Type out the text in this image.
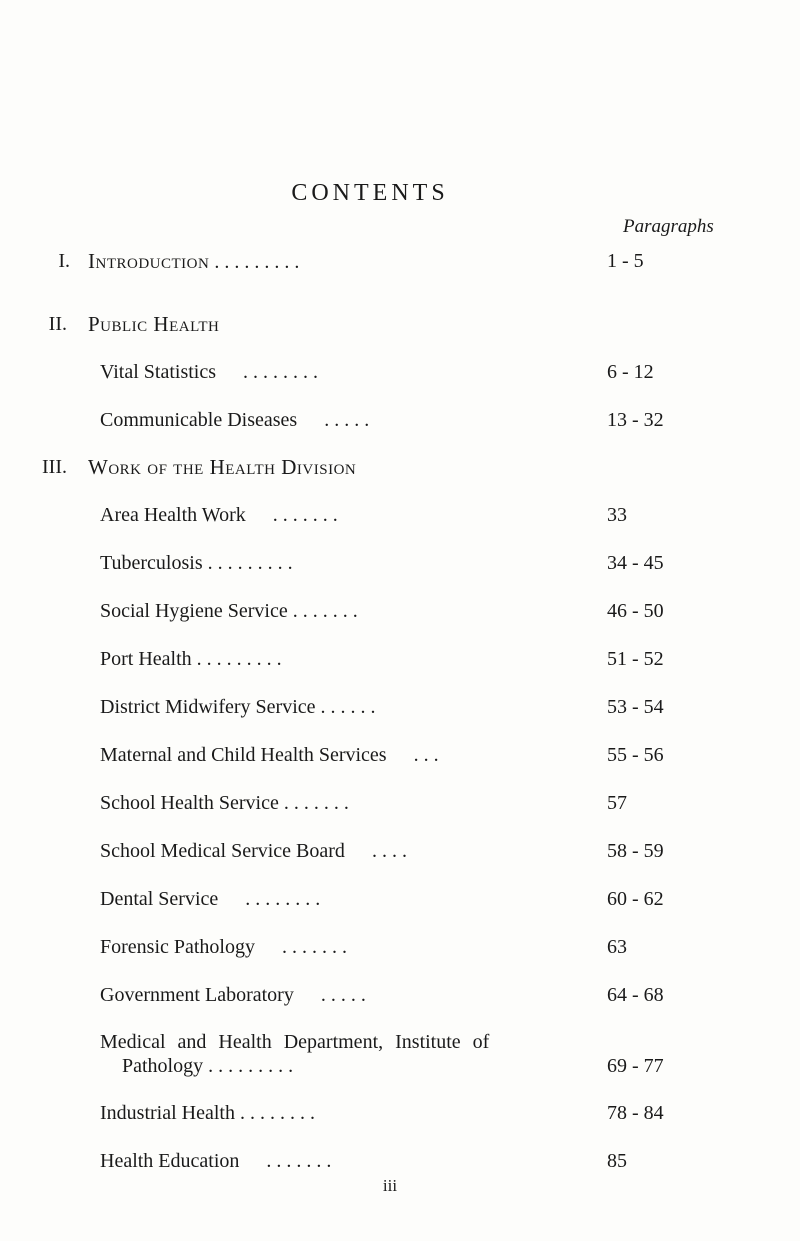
CONTENTS
Paragraphs
I. Introduction . . . . . . . . .	1 - 5
II. Public Health
Vital Statistics . . . . . . . .	6 - 12
Communicable Diseases . . . . .	13 - 32
III. Work of the Health Division
Area Health Work . . . . . . .	33
Tuberculosis . . . . . . . . .	34 - 45
Social Hygiene Service . . . . . . .	46 - 50
Port Health . . . . . . . . .	51 - 52
District Midwifery Service . . . . . .	53 - 54
Maternal and Child Health Services . . .	55 - 56
School Health Service . . . . . . .	57
School Medical Service Board . . . .	58 - 59
Dental Service . . . . . . . .	60 - 62
Forensic Pathology . . . . . . .	63
Government Laboratory . . . . .	64 - 68
Medical and Health Department, Institute of
Pathology . . . . . . . . .	69 - 77
Industrial Health . . . . . . . .	78 - 84
Health Education . . . . . . .	85
iii
